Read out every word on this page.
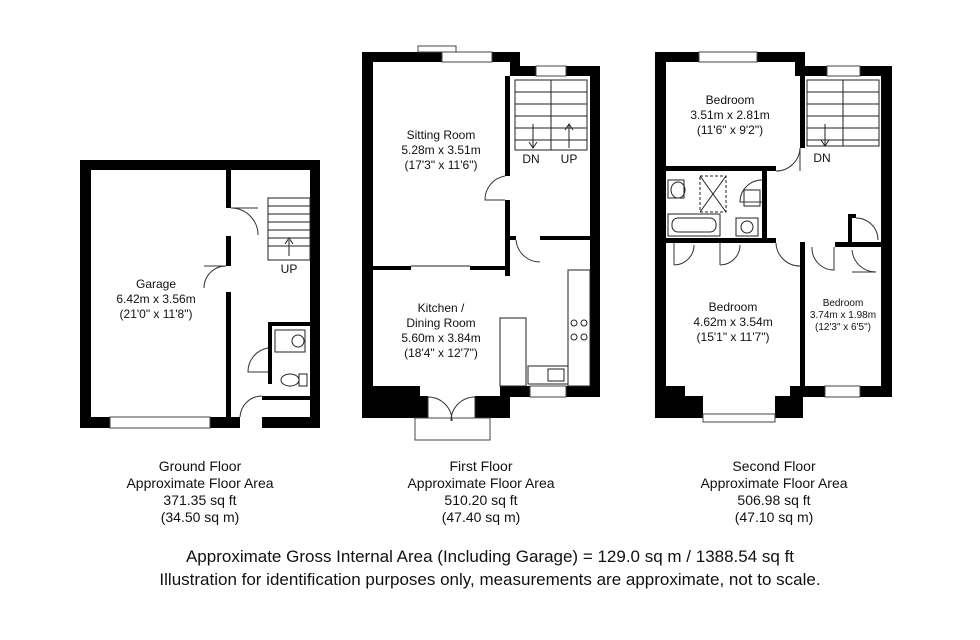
Garage
6.42m x 3.56m
(21'0" x 11'8")
UP
Sitting Room
5.28m x 3.51m
(17'3" x 11'6")
Kitchen /
Dining Room
5.60m x 3.84m
(18'4" x 12'7")
DN UP
Bedroom
3.51m x 2.81m
(11'6" x 9'2")
Bedroom
4.62m x 3.54m
(15'1" x 11'7")
Bedroom
3.74m x 1.98m
(12'3" x 6'5")
DN
Ground Floor
Approximate Floor Area
371.35 sq ft
(34.50 sq m)
First Floor
Approximate Floor Area
510.20 sq ft
(47.40 sq m)
Second Floor
Approximate Floor Area
506.98 sq ft
(47.10 sq m)
Approximate Gross Internal Area (Including Garage) = 129.0 sq m / 1388.54 sq ft
Illustration for identification purposes only, measurements are approximate, not to scale.
